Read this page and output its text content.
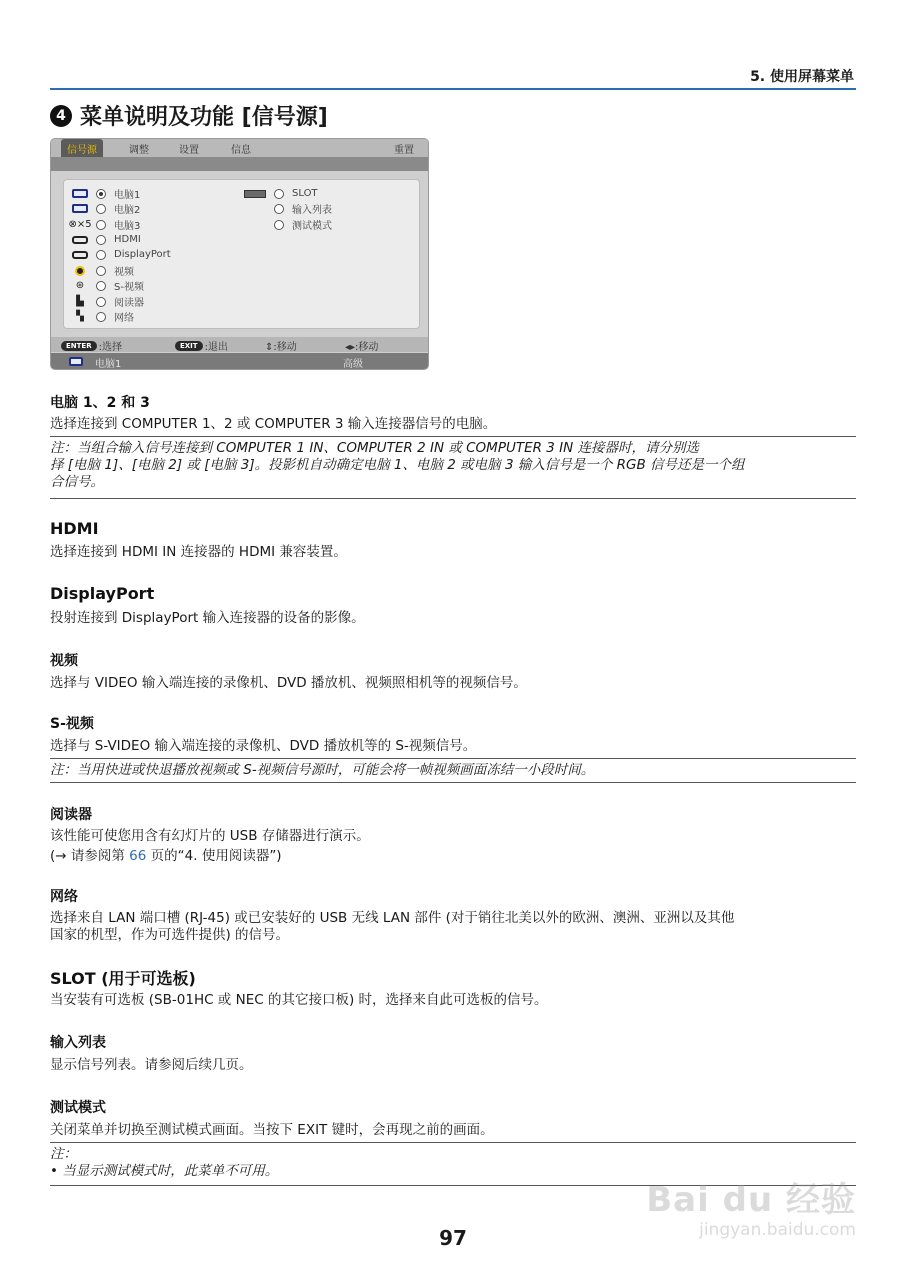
5. 使用屏幕菜单
4 菜单说明及功能 [信号源]
信号源	调整	设置	信息	重置
电脑1
电脑2
⊗×5 电脑3
HDMI
DisplayPort
视频
⊛	S-视频
▙	阅读器
▚	网络
SLOT
输入列表
测试模式
ENTER :选择	EXIT :退出	⇕:移动	◂▸:移动
电脑1	高级
电脑 1、2 和 3
选择连接到 COMPUTER 1、2 或 COMPUTER 3 输入连接器信号的电脑。
注：当组合输入信号连接到 COMPUTER 1 IN、COMPUTER 2 IN 或 COMPUTER 3 IN 连接器时，请分别选
择 [电脑 1]、[电脑 2] 或 [电脑 3]。投影机自动确定电脑 1、电脑 2 或电脑 3 输入信号是一个 RGB 信号还是一个组
合信号。
HDMI
选择连接到 HDMI IN 连接器的 HDMI 兼容装置。
DisplayPort
投射连接到 DisplayPort 输入连接器的设备的影像。
视频
选择与 VIDEO 输入端连接的录像机、DVD 播放机、视频照相机等的视频信号。
S-视频
选择与 S-VIDEO 输入端连接的录像机、DVD 播放机等的 S-视频信号。
注：当用快进或快退播放视频或 S-视频信号源时，可能会将一帧视频画面冻结一小段时间。
阅读器
该性能可使您用含有幻灯片的 USB 存储器进行演示。
(→ 请参阅第 66 页的“4. 使用阅读器”)
网络
选择来自 LAN 端口槽 (RJ-45) 或已安装好的 USB 无线 LAN 部件 (对于销往北美以外的欧洲、澳洲、亚洲以及其他
国家的机型，作为可选件提供) 的信号。
SLOT (用于可选板)
当安装有可选板 (SB-01HC 或 NEC 的其它接口板) 时，选择来自此可选板的信号。
输入列表
显示信号列表。请参阅后续几页。
测试模式
关闭菜单并切换至测试模式画面。当按下 EXIT 键时，会再现之前的画面。
注：
• 当显示测试模式时，此菜单不可用。
Bai du 经验
jingyan.baidu.com
97
